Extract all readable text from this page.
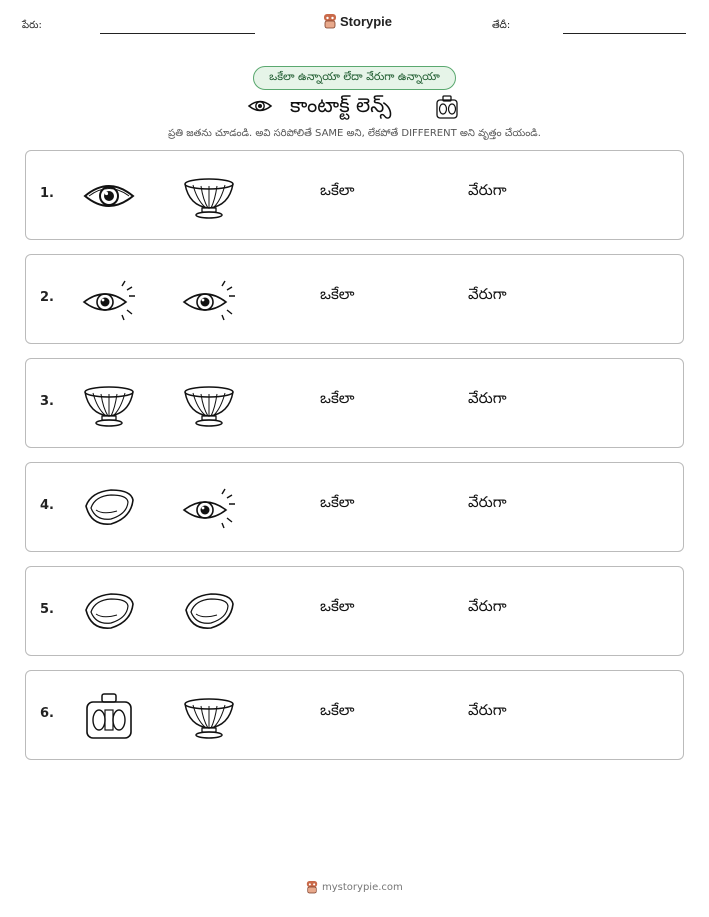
పేరు:	Storypie	తేదీ:
ఒకేలా ఉన్నాయా లేదా వేరుగా ఉన్నాయా
కాంటాక్ట్ లెన్స్
ప్రతి జతను చూడండి. అవి సరిపోలితే SAME అని, లేకపోతే DIFFERENT అని వృత్తం చేయండి.
1.	ఒకేలా	వేరుగా
2.	ఒకేలా	వేరుగా
3.	ఒకేలా	వేరుగా
4.	ఒకేలా	వేరుగా
5.	ఒకేలా	వేరుగా
6.	ఒకేలా	వేరుగా
mystorypie.com
